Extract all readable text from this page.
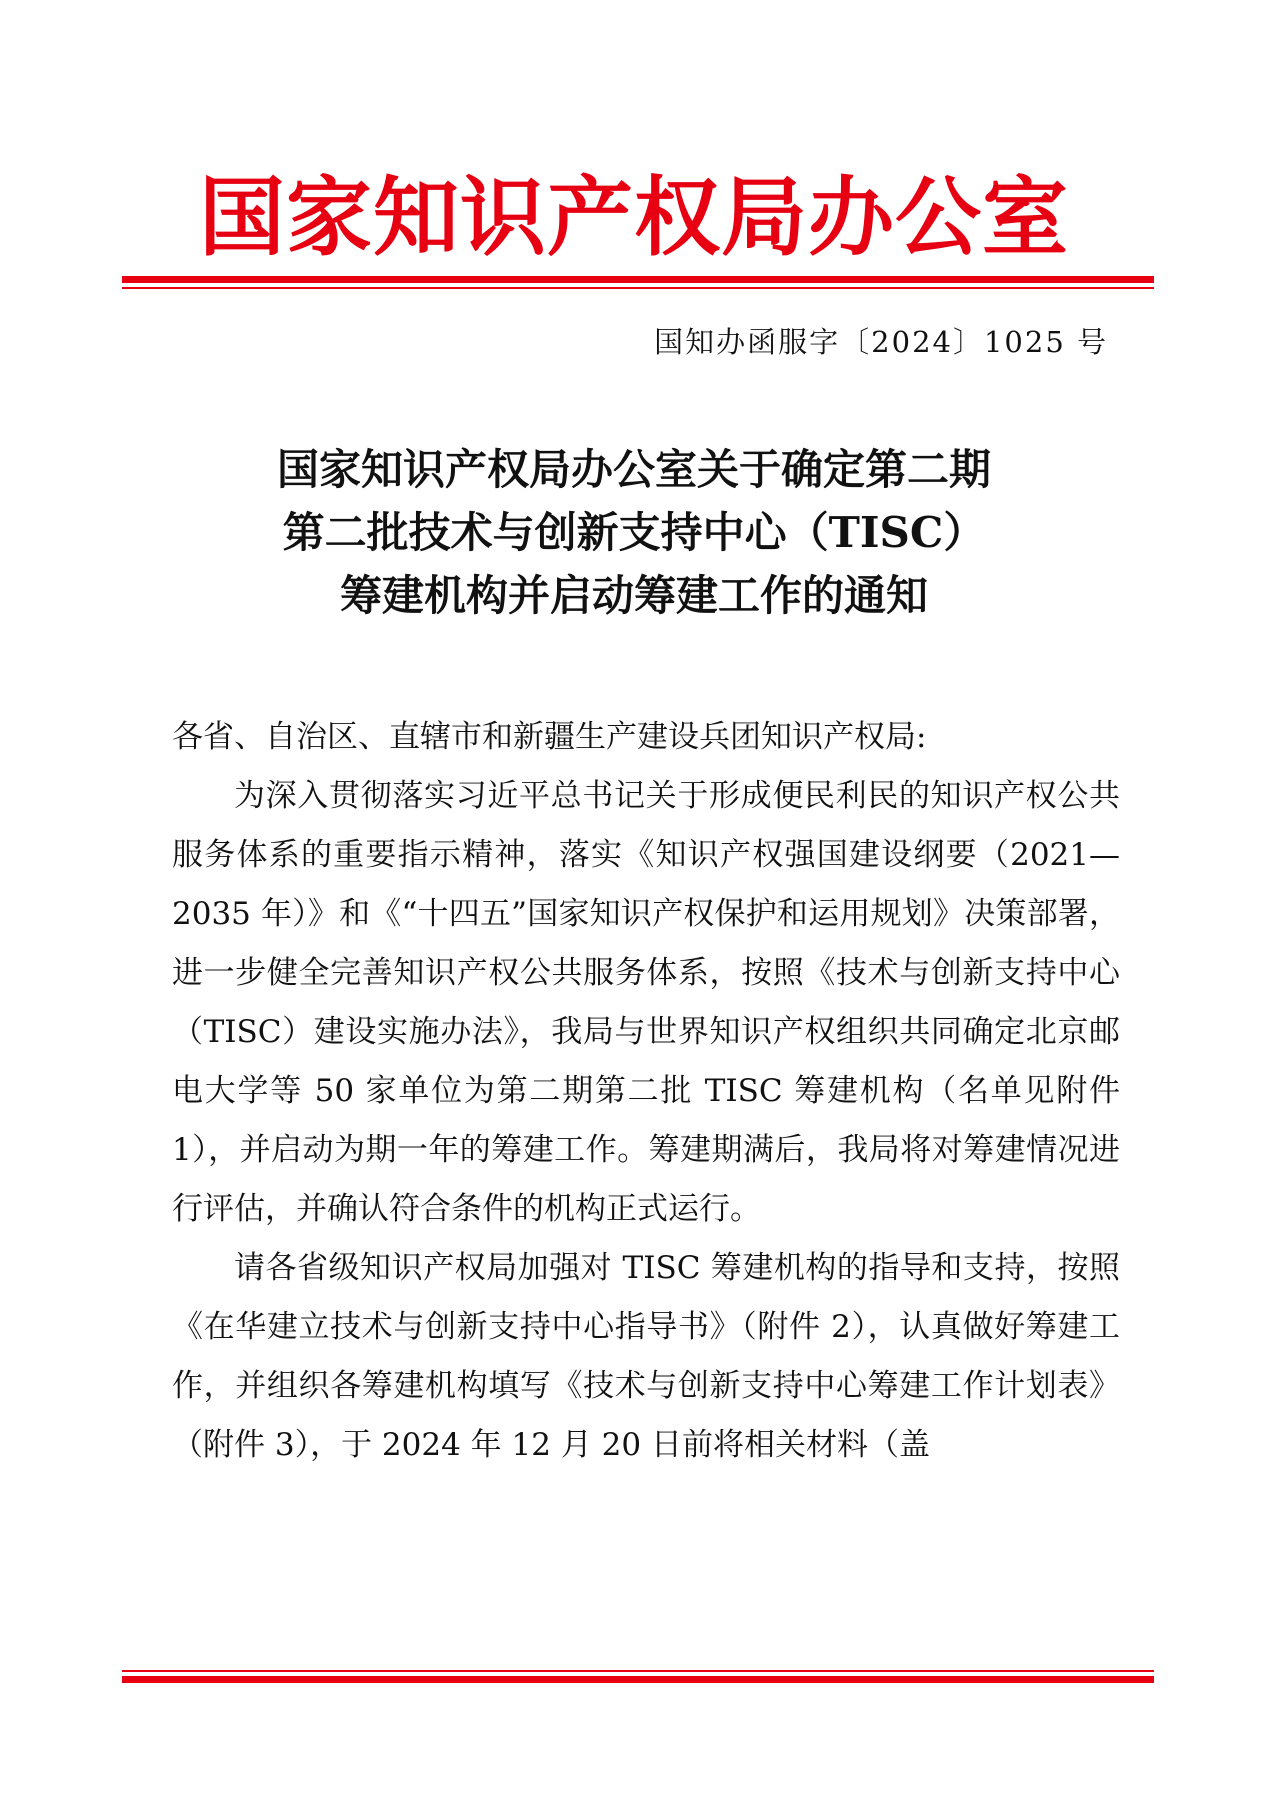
国家知识产权局办公室
国知办函服字〔2024〕1025 号
国家知识产权局办公室关于确定第二期
第二批技术与创新支持中心（TISC）
筹建机构并启动筹建工作的通知
各省、自治区、直辖市和新疆生产建设兵团知识产权局:

为深入贯彻落实习近平总书记关于形成便民利民的知识产权公共服务体系的重要指示精神，落实《知识产权强国建设纲要（2021—2035 年）》和《“十四五”国家知识产权保护和运用规划》决策部署，进一步健全完善知识产权公共服务体系，按照《技术与创新支持中心（TISC）建设实施办法》，我局与世界知识产权组织共同确定北京邮电大学等 50 家单位为第二期第二批 TISC 筹建机构（名单见附件 1），并启动为期一年的筹建工作。筹建期满后，我局将对筹建情况进行评估，并确认符合条件的机构正式运行。

请各省级知识产权局加强对 TISC 筹建机构的指导和支持，按照《在华建立技术与创新支持中心指导书》（附件 2），认真做好筹建工作，并组织各筹建机构填写《技术与创新支持中心筹建工作计划表》（附件 3），于 2024 年 12 月 20 日前将相关材料（盖
